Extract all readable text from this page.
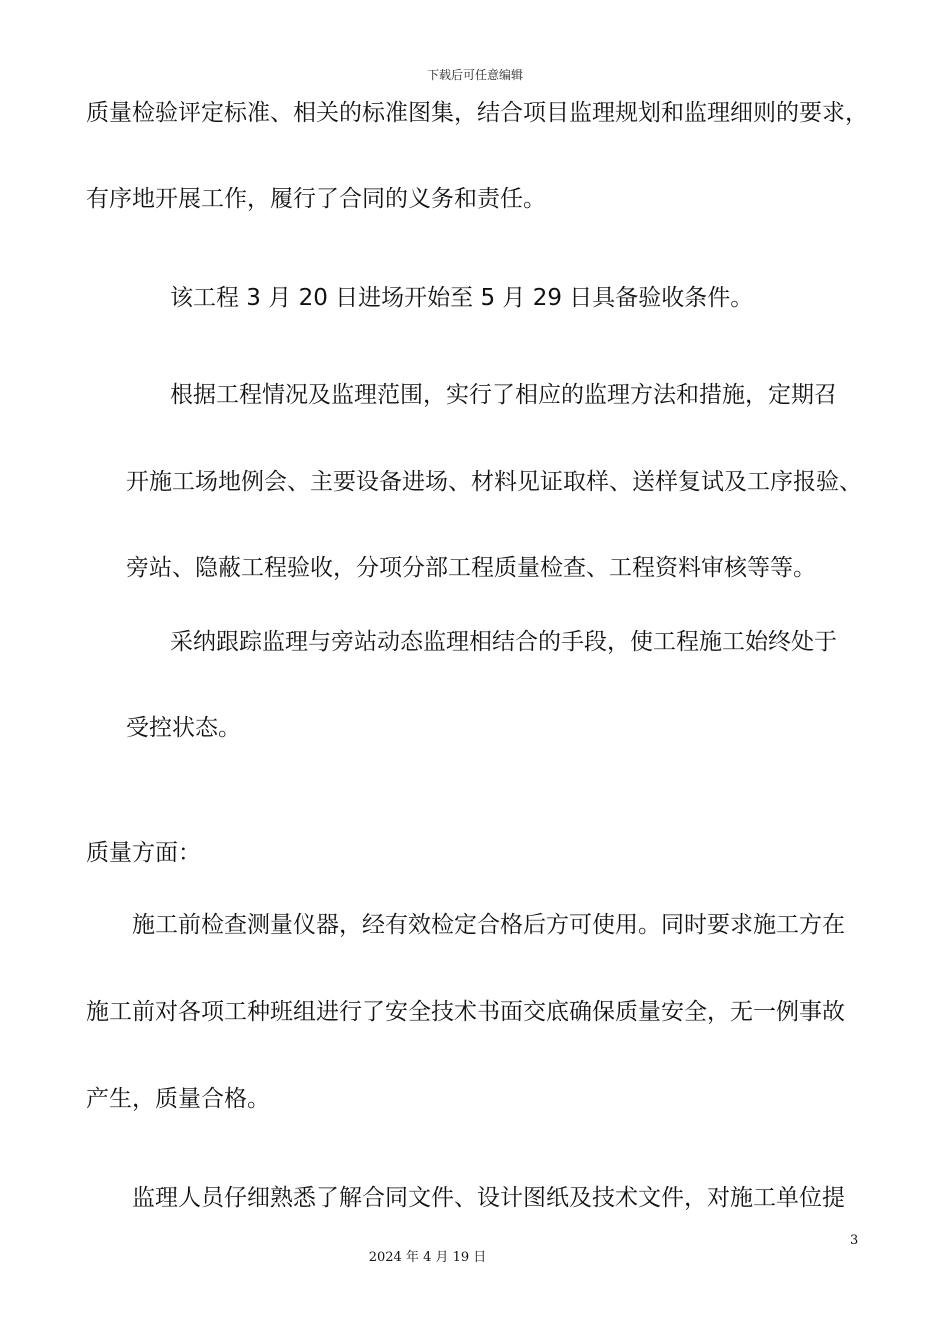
下载后可任意编辑
质量检验评定标准、相关的标准图集，结合项目监理规划和监理细则的要求，
有序地开展工作，履行了合同的义务和责任。
该工程 3 月 20 日进场开始至 5 月 29 日具备验收条件。
根据工程情况及监理范围，实行了相应的监理方法和措施，定期召
开施工场地例会、主要设备进场、材料见证取样、送样复试及工序报验、
旁站、隐蔽工程验收，分项分部工程质量检查、工程资料审核等等。
采纳跟踪监理与旁站动态监理相结合的手段，使工程施工始终处于
受控状态。
质量方面：
施工前检查测量仪器，经有效检定合格后方可使用。同时要求施工方在
施工前对各项工种班组进行了安全技术书面交底确保质量安全，无一例事故
产生，质量合格。
监理人员仔细熟悉了解合同文件、设计图纸及技术文件，对施工单位提
3
2024 年 4 月 19 日
